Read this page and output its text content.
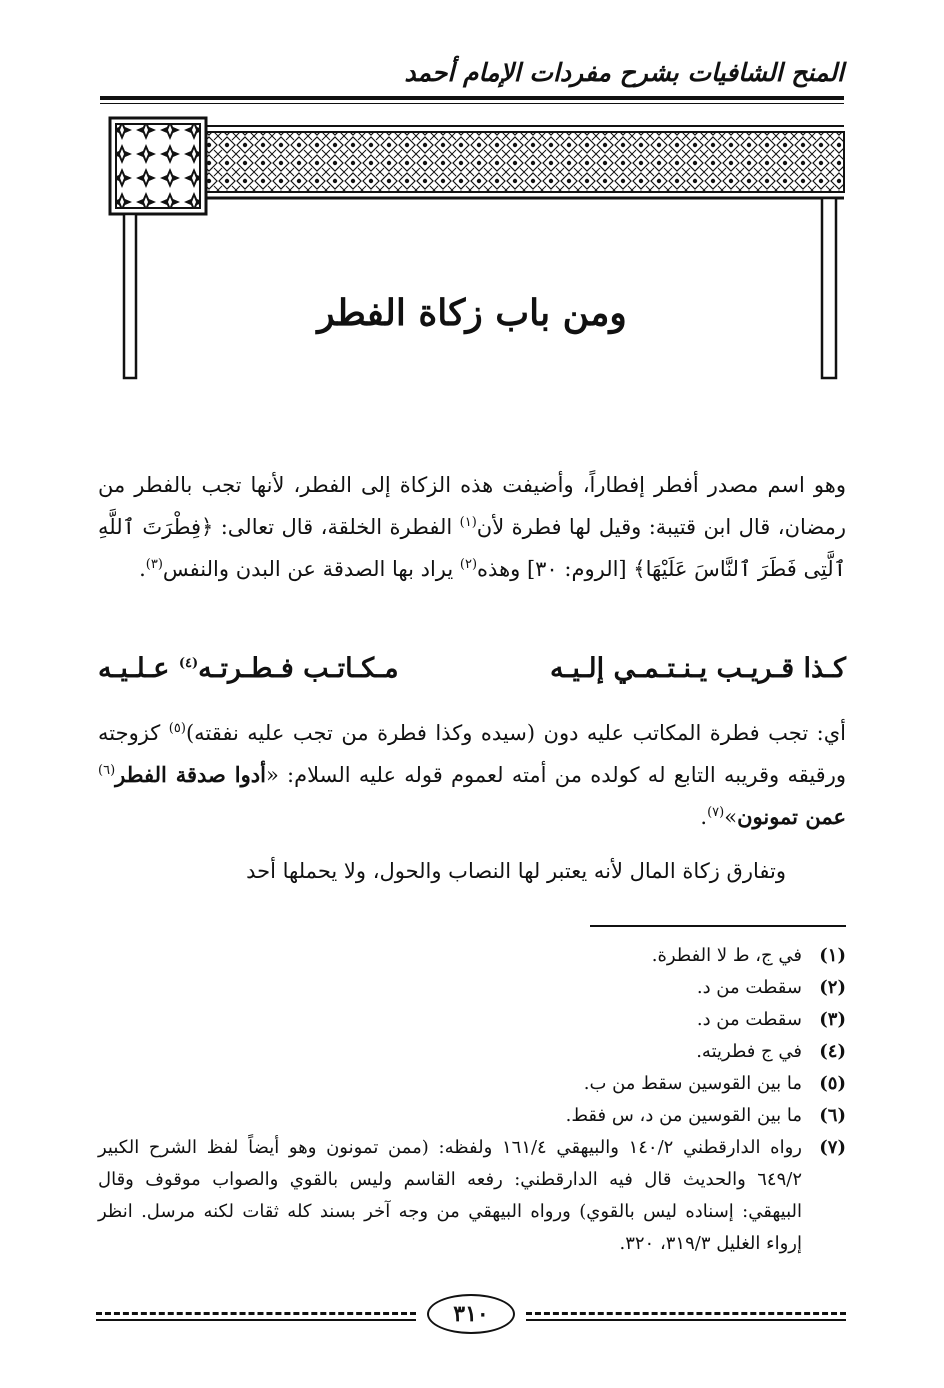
المنح الشافيات بشرح مفردات الإمام أحمد
ومن باب زكاة الفطر
وهو اسم مصدر أفطر إفطاراً، وأضيفت هذه الزكاة إلى الفطر، لأنها تجب بالفطر من رمضان، قال ابن قتيبة: وقيل لها فطرة لأن$^{(١)}$ الفطرة الخلقة، قال تعالى: ﴿فِطْرَتَ ٱللَّهِ ٱلَّتِى فَطَرَ ٱلنَّاسَ عَلَيْهَا﴾ [الروم: ٣٠] وهذه$^{(٢)}$ يراد بها الصدقة عن البدن والنفس$^{(٣)}$.
مـكـاتـب فـطـرتـه$^{(٤)}$ عـلـيـه	كـذا قـريـب يـنـتـمـي إلـيـه
أي: تجب فطرة المكاتب عليه دون (سيده وكذا فطرة من تجب عليه نفقته)$^{(٥)}$ كزوجته ورقيقه وقريبه التابع له كولده من أمته لعموم قوله عليه السلام: «أدوا صدقة الفطر$^{(٦)}$ عمن تمونون»$^{(٧)}$.
وتفارق زكاة المال لأنه يعتبر لها النصاب والحول، ولا يحملها أحد
(١)
في ج، ط لا الفطرة.
(٢)
سقطت من د.
(٣)
سقطت من د.
(٤)
في ج فطريته.
(٥)
ما بين القوسين سقط من ب.
(٦)
ما بين القوسين من د، س فقط.
(٧)
رواه الدارقطني ١٤٠/٢ والبيهقي ١٦١/٤ ولفظه: (ممن تمونون وهو أيضاً لفظ الشرح الكبير ٦٤٩/٢ والحديث قال فيه الدارقطني: رفعه القاسم وليس بالقوي والصواب موقوف وقال البيهقي: إسناده ليس بالقوي) ورواه البيهقي من وجه آخر بسند كله ثقات لكنه مرسل. انظر إرواء الغليل ٣١٩/٣، ٣٢٠.
٣١٠
